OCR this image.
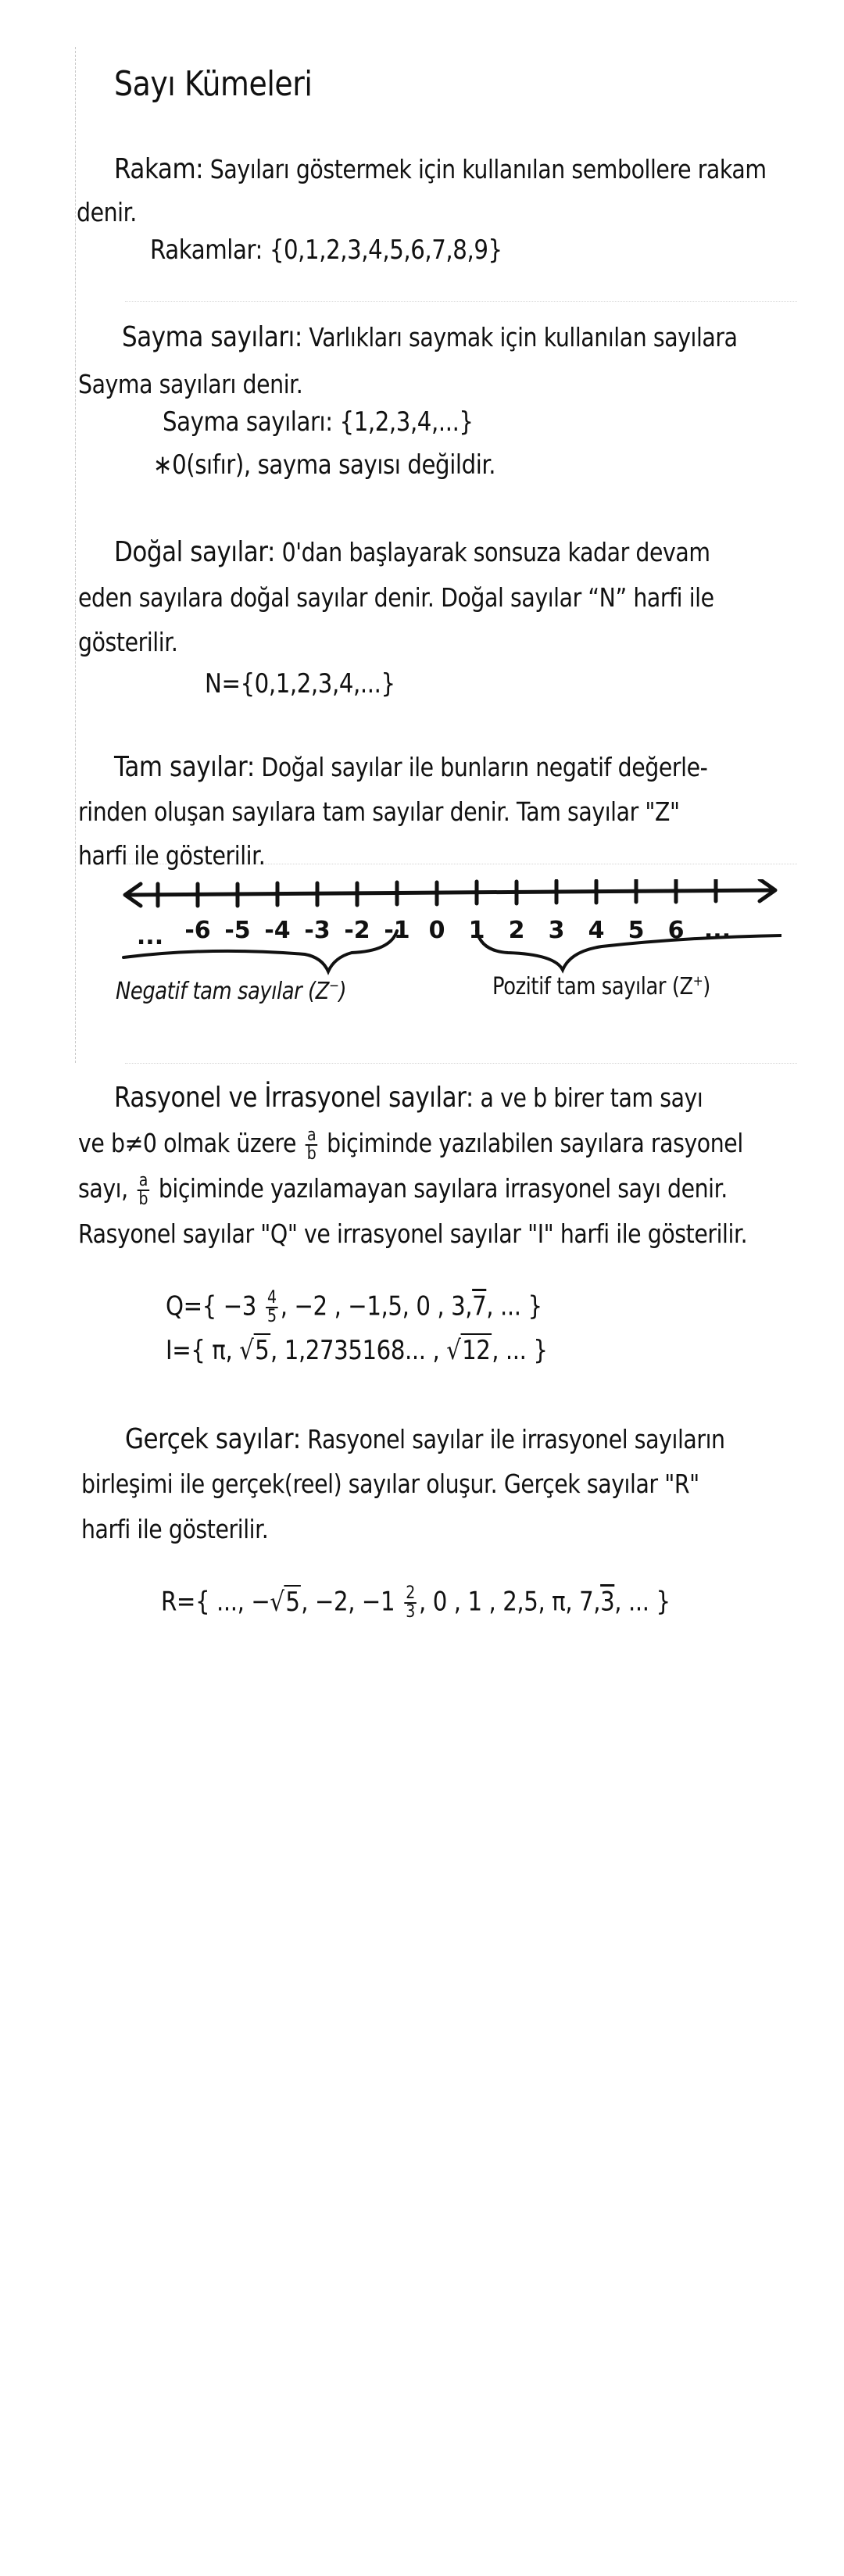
Sayı Kümeleri
Rakam: Sayıları göstermek için kullanılan sembollere rakam
denir.
Rakamlar: {0,1,2,3,4,5,6,7,8,9}
Sayma sayıları: Varlıkları saymak için kullanılan sayılara
Sayma sayıları denir.
Sayma sayıları: {1,2,3,4,...}
∗0(sıfır), sayma sayısı değildir.
Doğal sayılar: 0'dan başlayarak sonsuza kadar devam
eden sayılara doğal sayılar denir. Doğal sayılar “N” harfi ile
gösterilir.
N={0,1,2,3,4,...}
Tam sayılar: Doğal sayılar ile bunların negatif değerle-
rinden oluşan sayılara tam sayılar denir. Tam sayılar "Z"
harfi ile gösterilir.
... -6 -5 -4 -3 -2 -1 0 1 2 3 4 5 6 ...
Negatif tam sayılar (Z−)	Pozitif tam sayılar (Z+)
Rasyonel ve İrrasyonel sayılar: a ve b birer tam sayı
ve b≠0 olmak üzere $\frac{a}{b}$ biçiminde yazılabilen sayılara rasyonel
sayı, $\frac{a}{b}$ biçiminde yazılamayan sayılara irrasyonel sayı denir.
Rasyonel sayılar "Q" ve irrasyonel sayılar "I" harfi ile gösterilir.
$Q=\{ -3 \frac{4}{5}$ , −2 , −1,5, 0 , 3,7, ... }
I={ π, √5, 1,2735168... , √12, ... }
Gerçek sayılar: Rasyonel sayılar ile irrasyonel sayıların
birleşimi ile gerçek(reel) sayılar oluşur. Gerçek sayılar "R"
harfi ile gösterilir.
R={ ..., −√5, −2, $-1 \frac{2}{3}$ , 0 , 1 , 2,5, π, 7,3, ... }
